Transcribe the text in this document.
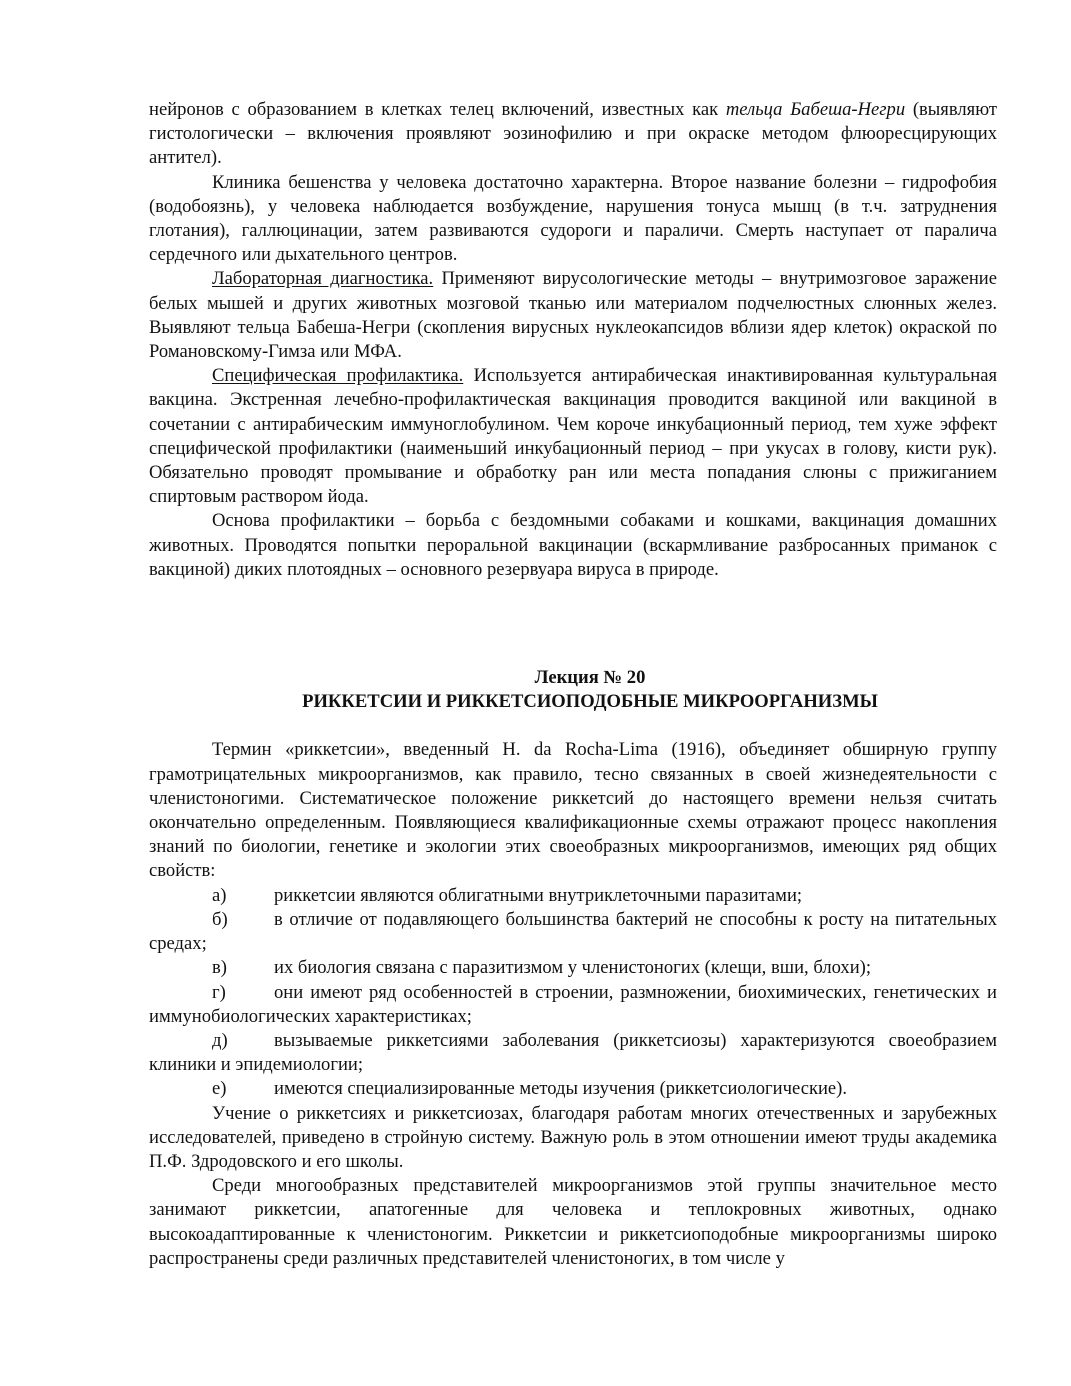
нейронов с образованием в клетках телец включений, известных как тельца Бабеша-Негри (выявляют гистологически – включения проявляют эозинофилию и при окраске методом флюоресцирующих антител).

Клиника бешенства у человека достаточно характерна. Второе название болезни – гидрофобия (водобоязнь), у человека наблюдается возбуждение, нарушения тонуса мышц (в т.ч. затруднения глотания), галлюцинации, затем развиваются судороги и параличи. Смерть наступает от паралича сердечного или дыхательного центров.

Лабораторная диагностика. Применяют вирусологические методы – внутримозговое заражение белых мышей и других животных мозговой тканью или материалом подчелюстных слюнных желез. Выявляют тельца Бабеша-Негри (скопления вирусных нуклеокапсидов вблизи ядер клеток) окраской по Романовскому-Гимза или МФА.

Специфическая профилактика. Используется антирабическая инактивированная культуральная вакцина. Экстренная лечебно-профилактическая вакцинация проводится вакциной или вакциной в сочетании с антирабическим иммуноглобулином. Чем короче инкубационный период, тем хуже эффект специфической профилактики (наименьший инкубационный период – при укусах в голову, кисти рук). Обязательно проводят промывание и обработку ран или места попадания слюны с прижиганием спиртовым раствором йода.

Основа профилактики – борьба с бездомными собаками и кошками, вакцинация домашних животных. Проводятся попытки пероральной вакцинации (вскармливание разбросанных приманок с вакциной) диких плотоядных – основного резервуара вируса в природе.

Лекция № 20

РИККЕТСИИ И РИККЕТСИОПОДОБНЫЕ МИКРООРГАНИЗМЫ

Термин «риккетсии», введенный H. da Rocha-Lima (1916), объединяет обширную группу грамотрицательных микроорганизмов, как правило, тесно связанных в своей жизнедеятельности с членистоногими. Систематическое положение риккетсий до настоящего времени нельзя считать окончательно определенным. Появляющиеся квалификационные схемы отражают процесс накопления знаний по биологии, генетике и экологии этих своеобразных микроорганизмов, имеющих ряд общих свойств:

а)	риккетсии являются облигатными внутриклеточными паразитами;

б) в отличие от подавляющего большинства бактерий не способны к росту на питательных средах;

в)	их биология связана с паразитизмом у членистоногих (клещи, вши, блохи);

г)	они имеют ряд особенностей в строении, размножении, биохимических, генетических и иммунобиологических характеристиках;

д) вызываемые риккетсиями заболевания (риккетсиозы) характеризуются своеобразием клиники и эпидемиологии;

е)	имеются специализированные методы изучения (риккетсиологические).

Учение о риккетсиях и риккетсиозах, благодаря работам многих отечественных и зарубежных исследователей, приведено в стройную систему. Важную роль в этом отношении имеют труды академика П.Ф. Здродовского и его школы.

Среди многообразных представителей микроорганизмов этой группы значительное место занимают риккетсии, апатогенные для человека и теплокровных животных, однако высокоадаптированные к членистоногим. Риккетсии и риккетсиоподобные микроорганизмы широко распространены среди различных представителей членистоногих, в том числе у
